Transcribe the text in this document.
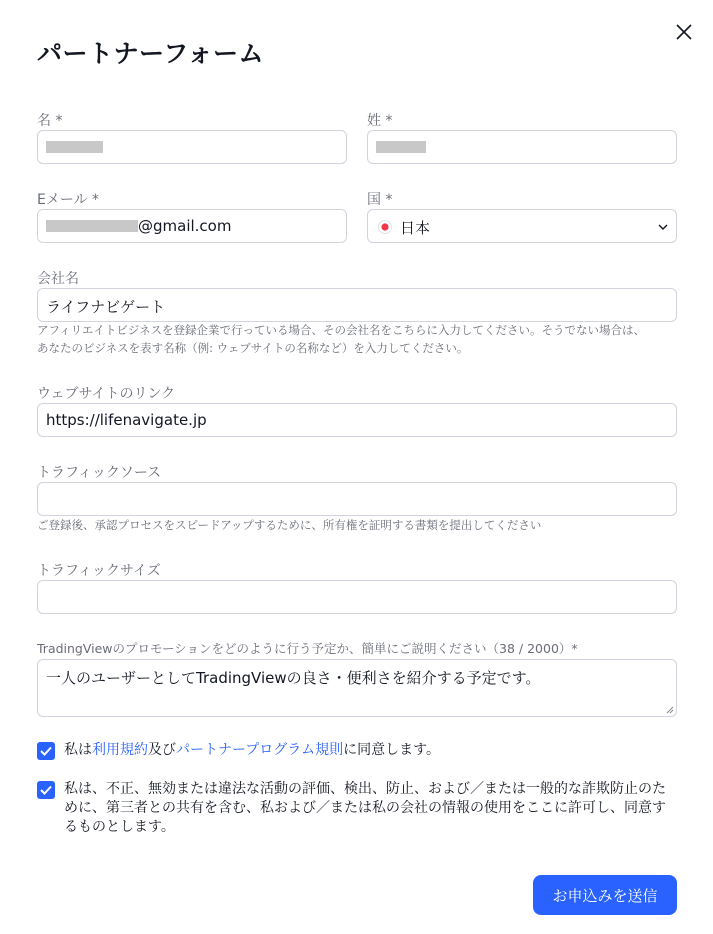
パートナーフォーム
名 *	姓 *
Eメール *
@gmail.com
国 *
日本
会社名
ライフナビゲート
アフィリエイトビジネスを登録企業で行っている場合、その会社名をこちらに入力してください。そうでない場合は、
あなたのビジネスを表す名称（例: ウェブサイトの名称など）を入力してください。
ウェブサイトのリンク
https://lifenavigate.jp
トラフィックソース
ご登録後、承認プロセスをスピードアップするために、所有権を証明する書類を提出してください
トラフィックサイズ
TradingViewのプロモーションをどのように行う予定か、簡単にご説明ください（38 / 2000）*
一人のユーザーとしてTradingViewの良さ・便利さを紹介する予定です。
私は利用規約及びパートナープログラム規則に同意します。
私は、不正、無効または違法な活動の評価、検出、防止、および／または一般的な詐欺防止のた
めに、第三者との共有を含む、私および／または私の会社の情報の使用をここに許可し、同意す
るものとします。
お申込みを送信
